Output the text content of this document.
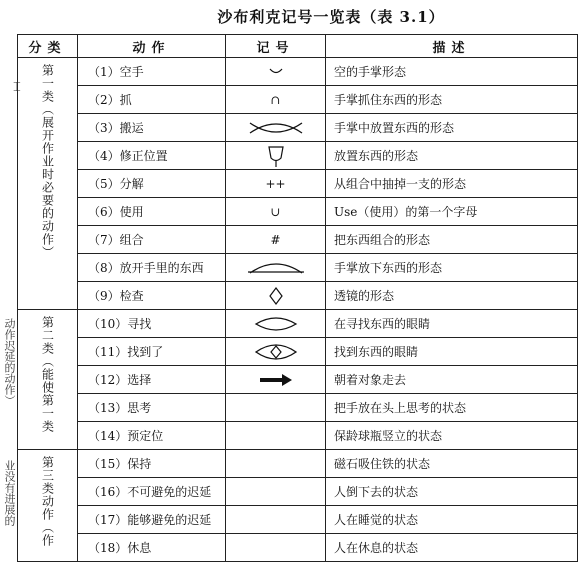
沙布利克记号一览表（表 3.1）
⌶
动作迟延的动作）
业没有进展的
分类	动作	记号	描述
第一类（展开作业时必要的动作）	（1）空手		空的手掌形态
	（2）抓	∩	手掌抓住东西的形态
	（3）搬运		手掌中放置东西的形态
	（4）修正位置		放置东西的形态
	（5）分解	++	从组合中抽掉一支的形态
	（6）使用	∪	Use（使用）的第一个字母
	（7）组合	#	把东西组合的形态
	（8）放开手里的东西		手掌放下东西的形态
	（9）检查		透镜的形态
第二类（能使第一类	（10）寻找		在寻找东西的眼睛
	（11）找到了		找到东西的眼睛
	（12）选择		朝着对象走去
	（13）思考		把手放在头上思考的状态
	（14）预定位		保龄球瓶竖立的状态
第三类动作（作	（15）保持		磁石吸住铁的状态
	（16）不可避免的迟延		人倒下去的状态
	（17）能够避免的迟延		人在睡觉的状态
	（18）休息		人在休息的状态
